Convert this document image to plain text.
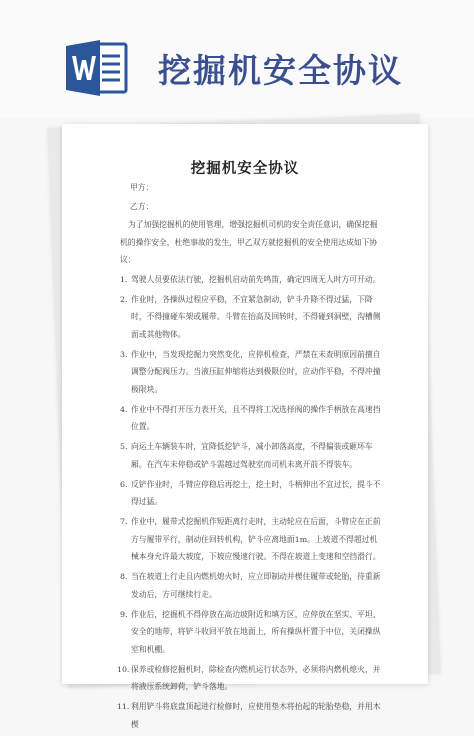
挖掘机安全协议
挖掘机安全协议
甲方：
乙方：

为了加强挖掘机的使用管理，增强挖掘机司机的安全责任意识，确保挖掘机的操作安全，杜绝事故的发生，甲乙双方就挖掘机的安全使用达成如下协议：

1. 驾驶人员要依法行驶，挖掘机启动前先鸣笛，确定四周无人时方可开动。
2. 作业时，各操纵过程应平稳，不宜紧急制动，铲斗升降不得过猛，下降时，不得撞碰车架或履带。斗臂在抬高及回转时，不得碰到洞壁，沟槽侧面或其他物体。
3. 作业中，当发现挖掘力突然变化，应停机检查，严禁在未查明原因前擅自调整分配阀压力。当液压缸伸缩将达到极限位时，应动作平稳，不得冲撞极限块。
4. 作业中不得打开压力表开关，且不得将工况选择阀的操作手柄放在高速挡位置。
5. 向运土车辆装车时，宜降低挖铲斗，减小卸落高度，不得偏装或砸坏车厢。在汽车未停稳或铲斗需越过驾驶室而司机未离开前不得装车。
6. 反铲作业时，斗臂应停稳后再挖土，挖土时，斗柄伸出不宜过长，提斗不得过猛。
7. 作业中，履带式挖掘机作短距离行走时，主动轮应在后面，斗臂应在正前方与履带平行，制动住回转机构，铲斗应离地面1m。上坡道不得超过机械本身允许最大坡度，下坡应慢速行驶。不得在坡道上变速和空挡滑行。
8. 当在坡道上行走且内燃机熄火时，应立即制动并楔住履带或轮胎，待重新发动后，方可继续行走。
9. 作业后，挖掘机不得停放在高边坡附近和填方区，应停放在坚实、平坦、安全的地带，将铲斗收回平放在地面上，所有操纵杆置于中位，关闭操纵室和机棚。
10. 保养或检修挖掘机时，除检查内燃机运行状态外，必须将内燃机熄火，并将液压系统卸荷，铲斗落地。
11. 利用铲斗将底盘顶起进行检修时，应使用垫木将抬起的轮胎垫稳，并用木楔
